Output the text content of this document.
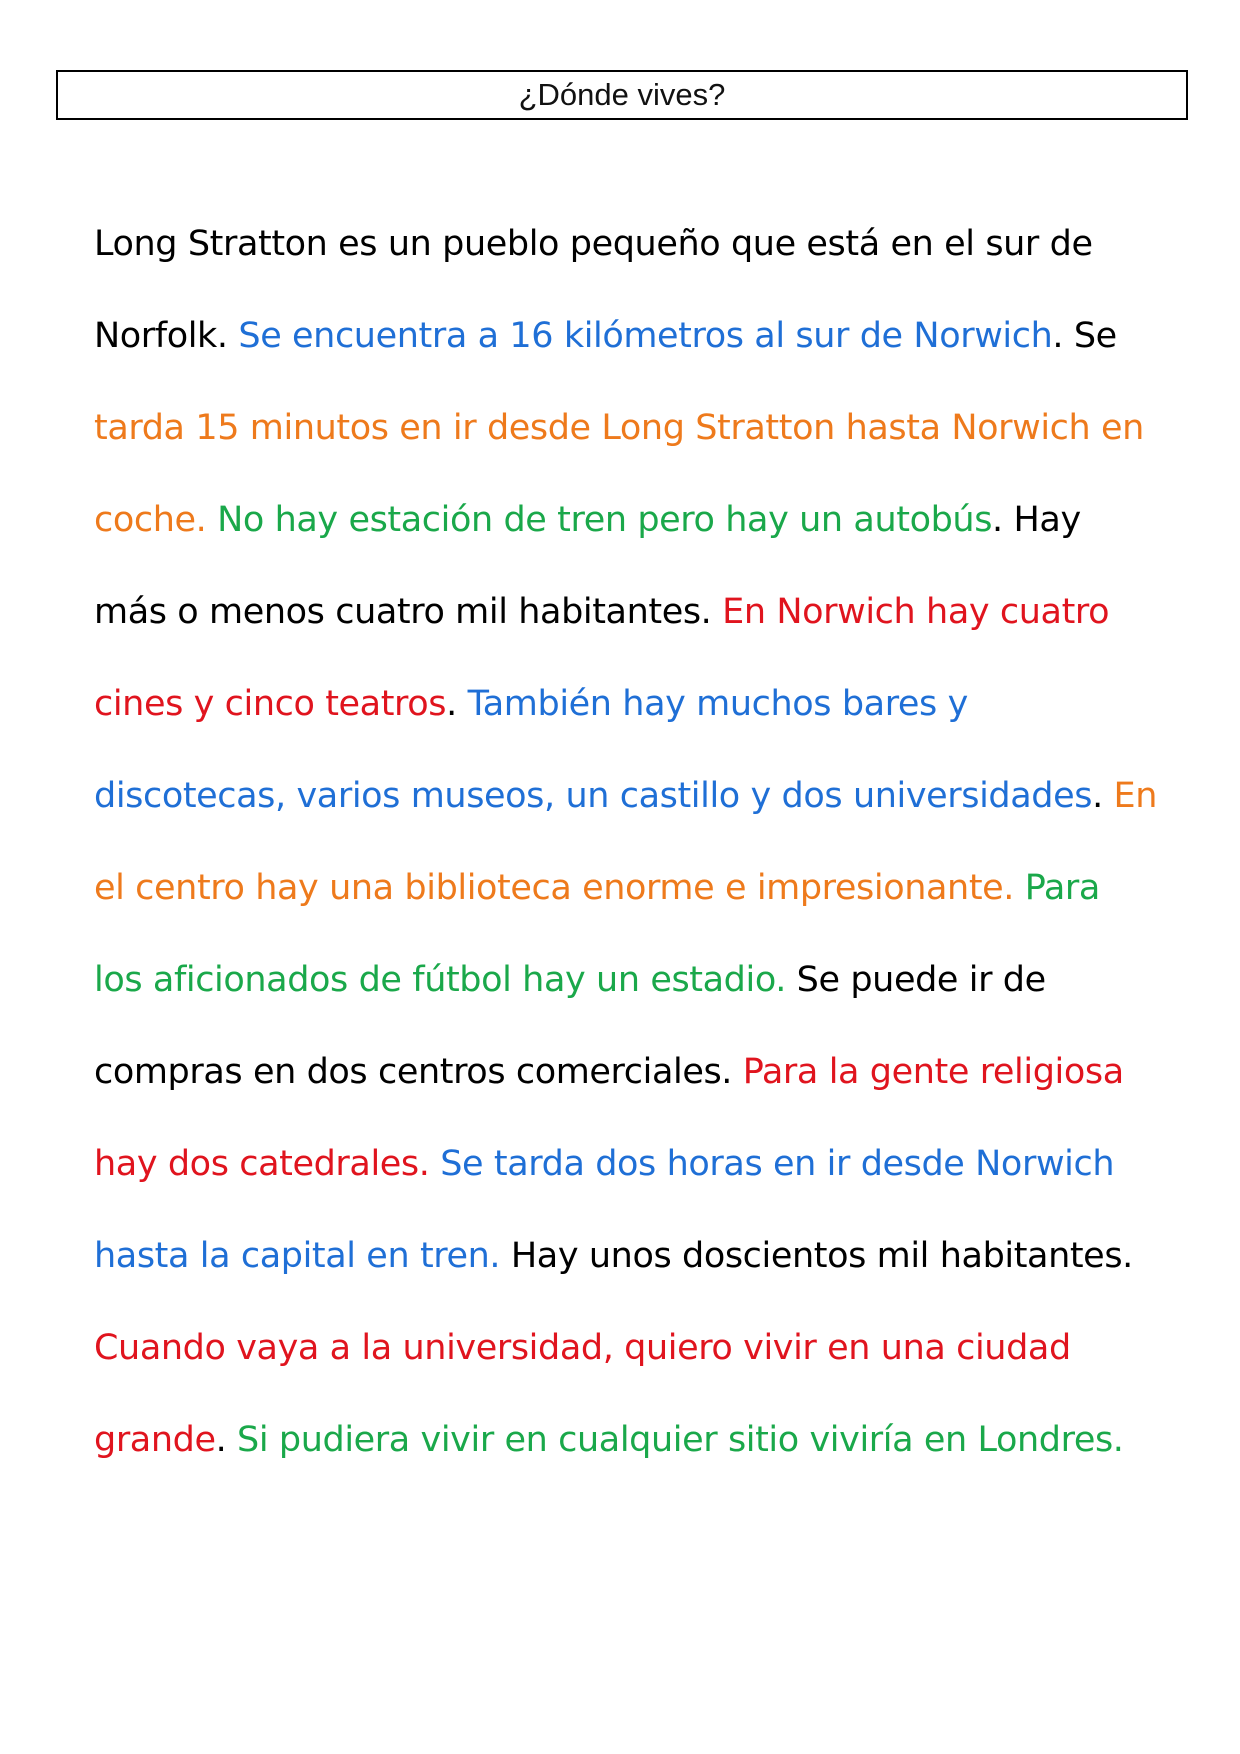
¿Dónde vives?
Long Stratton es un pueblo pequeño que está en el sur de
Norfolk. Se encuentra a 16 kilómetros al sur de Norwich. Se
tarda 15 minutos en ir desde Long Stratton hasta Norwich en
coche. No hay estación de tren pero hay un autobús. Hay
más o menos cuatro mil habitantes. En Norwich hay cuatro
cines y cinco teatros. También hay muchos bares y
discotecas, varios museos, un castillo y dos universidades. En
el centro hay una biblioteca enorme e impresionante. Para
los aficionados de fútbol hay un estadio. Se puede ir de
compras en dos centros comerciales. Para la gente religiosa
hay dos catedrales. Se tarda dos horas en ir desde Norwich
hasta la capital en tren. Hay unos doscientos mil habitantes.
Cuando vaya a la universidad, quiero vivir en una ciudad
grande. Si pudiera vivir en cualquier sitio viviría en Londres.
